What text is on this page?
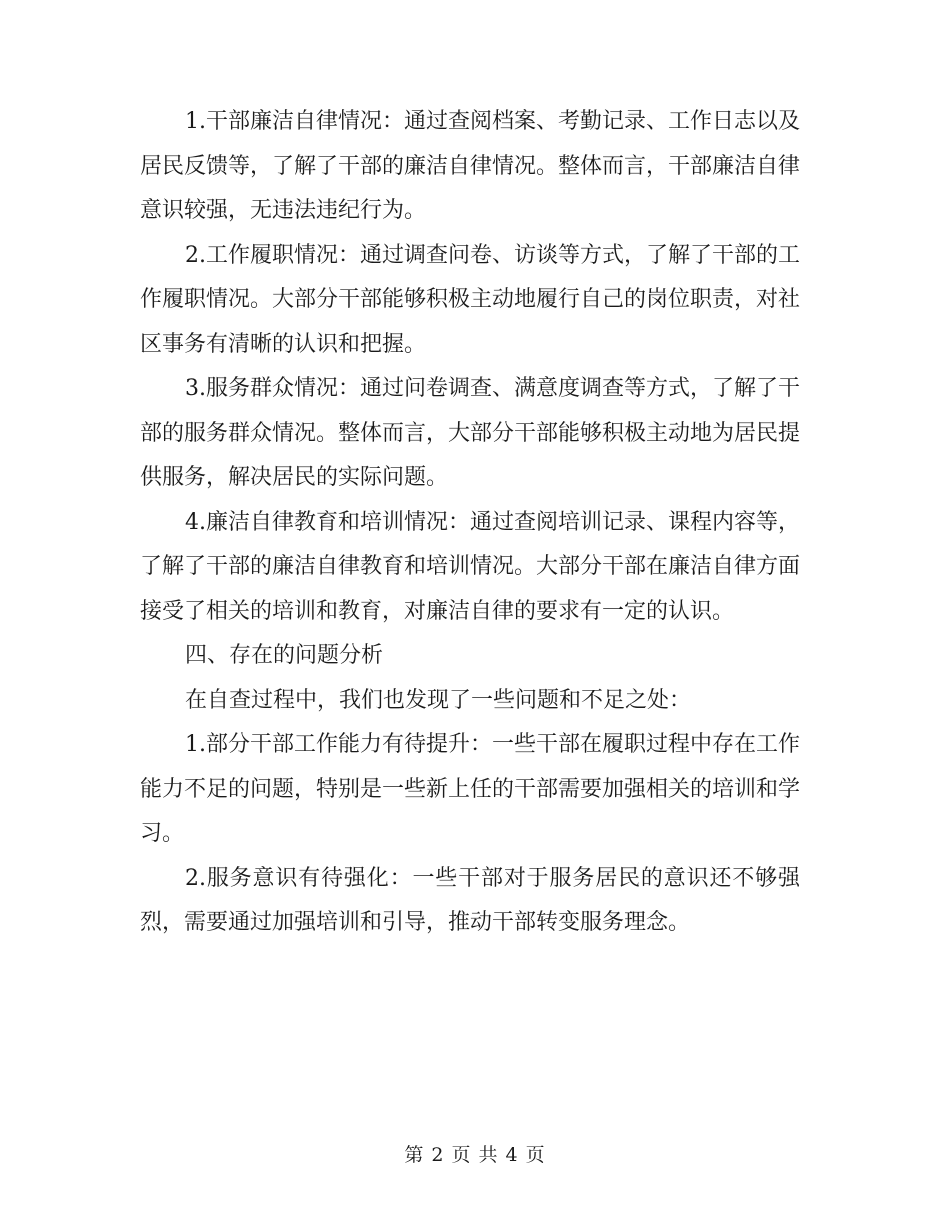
1.干部廉洁自律情况：通过查阅档案、考勤记录、工作日志以及居民反馈等，了解了干部的廉洁自律情况。整体而言，干部廉洁自律意识较强，无违法违纪行为。

2.工作履职情况：通过调查问卷、访谈等方式，了解了干部的工作履职情况。大部分干部能够积极主动地履行自己的岗位职责，对社区事务有清晰的认识和把握。

3.服务群众情况：通过问卷调查、满意度调查等方式，了解了干部的服务群众情况。整体而言，大部分干部能够积极主动地为居民提供服务，解决居民的实际问题。

4.廉洁自律教育和培训情况：通过查阅培训记录、课程内容等，了解了干部的廉洁自律教育和培训情况。大部分干部在廉洁自律方面接受了相关的培训和教育，对廉洁自律的要求有一定的认识。

四、存在的问题分析

在自查过程中，我们也发现了一些问题和不足之处：

1.部分干部工作能力有待提升：一些干部在履职过程中存在工作能力不足的问题，特别是一些新上任的干部需要加强相关的培训和学习。

2.服务意识有待强化：一些干部对于服务居民的意识还不够强烈，需要通过加强培训和引导，推动干部转变服务理念。

第 2 页 共 4 页
